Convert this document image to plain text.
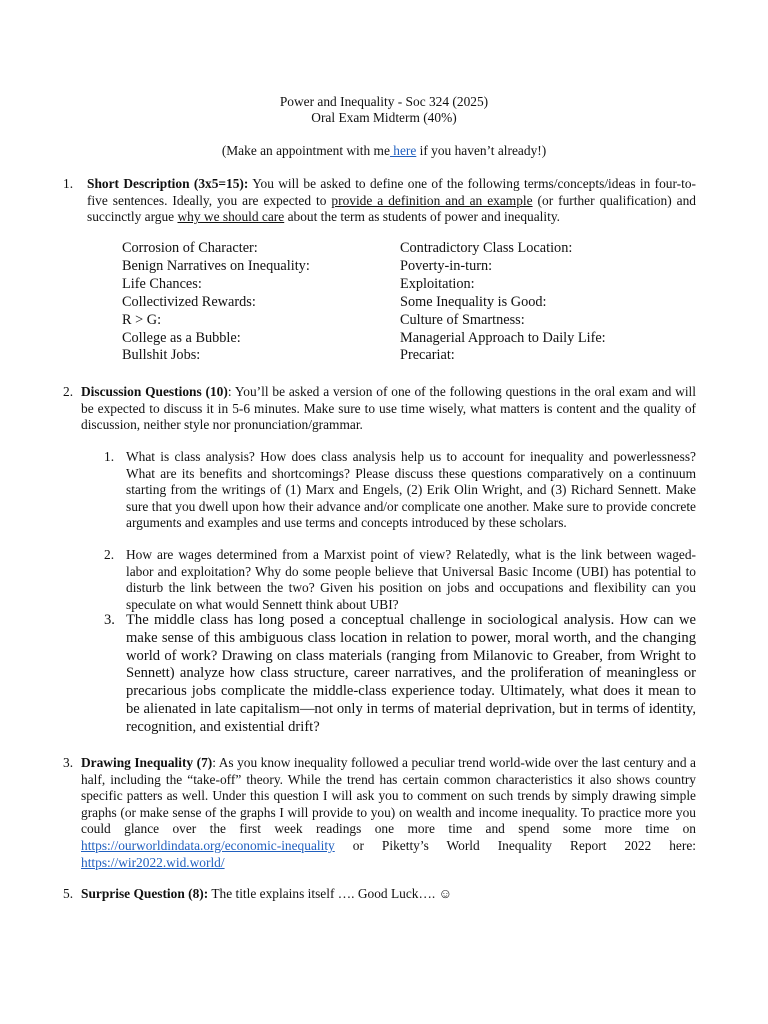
Power and Inequality - Soc 324 (2025)
Oral Exam Midterm (40%)
(Make an appointment with me here if you haven’t already!)
1. Short Description (3x5=15): You will be asked to define one of the following terms/concepts/ideas in four-to-five sentences. Ideally, you are expected to provide a definition and an example (or further qualification) and succinctly argue why we should care about the term as students of power and inequality.
Corrosion of Character:
Benign Narratives on Inequality:
Life Chances:
Collectivized Rewards:
R > G:
College as a Bubble:
Bullshit Jobs:
Contradictory Class Location:
Poverty-in-turn:
Exploitation:
Some Inequality is Good:
Culture of Smartness:
Managerial Approach to Daily Life:
Precariat:
2. Discussion Questions (10): You’ll be asked a version of one of the following questions in the oral exam and will be expected to discuss it in 5-6 minutes. Make sure to use time wisely, what matters is content and the quality of discussion, neither style nor pronunciation/grammar.
1. What is class analysis? How does class analysis help us to account for inequality and powerlessness? What are its benefits and shortcomings? Please discuss these questions comparatively on a continuum starting from the writings of (1) Marx and Engels, (2) Erik Olin Wright, and (3) Richard Sennett. Make sure that you dwell upon how their advance and/or complicate one another. Make sure to provide concrete arguments and examples and use terms and concepts introduced by these scholars.
2. How are wages determined from a Marxist point of view? Relatedly, what is the link between waged-labor and exploitation? Why do some people believe that Universal Basic Income (UBI) has potential to disturb the link between the two? Given his position on jobs and occupations and flexibility can you speculate on what would Sennett think about UBI?
3. The middle class has long posed a conceptual challenge in sociological analysis. How can we make sense of this ambiguous class location in relation to power, moral worth, and the changing world of work? Drawing on class materials (ranging from Milanovic to Greaber, from Wright to Sennett) analyze how class structure, career narratives, and the proliferation of meaningless or precarious jobs complicate the middle-class experience today. Ultimately, what does it mean to be alienated in late capitalism—not only in terms of material deprivation, but in terms of identity, recognition, and existential drift?
3. Drawing Inequality (7): As you know inequality followed a peculiar trend world-wide over the last century and a half, including the “take-off” theory. While the trend has certain common characteristics it also shows country specific patters as well. Under this question I will ask you to comment on such trends by simply drawing simple graphs (or make sense of the graphs I will provide to you) on wealth and income inequality. To practice more you could glance over the first week readings one more time and spend some more time on https://ourworldindata.org/economic-inequality or Piketty’s World Inequality Report 2022 here: https://wir2022.wid.world/
5. Surprise Question (8): The title explains itself …. Good Luck…. ☺
